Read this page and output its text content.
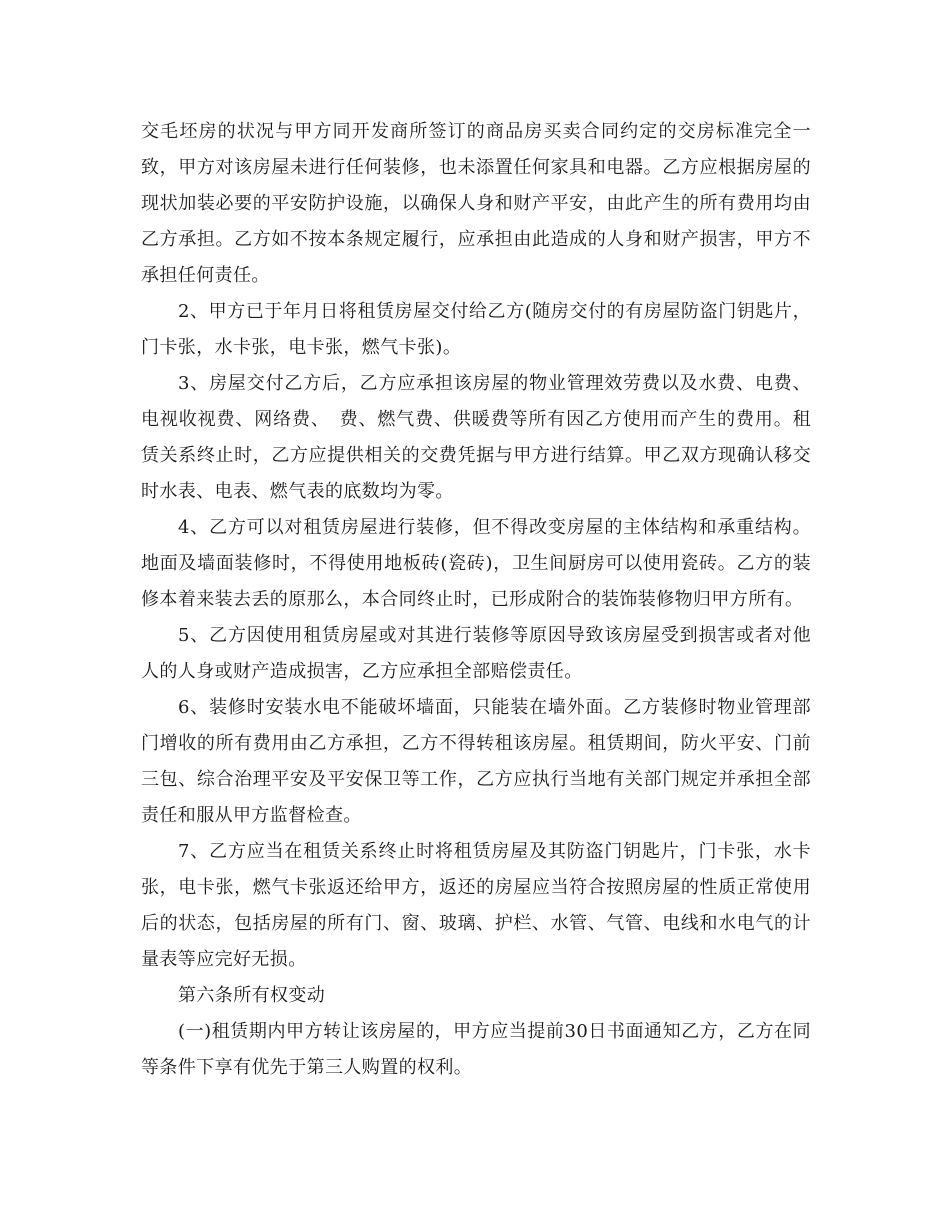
交毛坯房的状况与甲方同开发商所签订的商品房买卖合同约定的交房标准完全一致，甲方对该房屋未进行任何装修，也未添置任何家具和电器。乙方应根据房屋的现状加装必要的平安防护设施，以确保人身和财产平安，由此产生的所有费用均由乙方承担。乙方如不按本条规定履行，应承担由此造成的人身和财产损害，甲方不承担任何责任。

2、甲方已于年月日将租赁房屋交付给乙方(随房交付的有房屋防盗门钥匙片，门卡张，水卡张，电卡张，燃气卡张)。

3、房屋交付乙方后，乙方应承担该房屋的物业管理效劳费以及水费、电费、电视收视费、网络费、　费、燃气费、供暖费等所有因乙方使用而产生的费用。租赁关系终止时，乙方应提供相关的交费凭据与甲方进行结算。甲乙双方现确认移交时水表、电表、燃气表的底数均为零。

4、乙方可以对租赁房屋进行装修，但不得改变房屋的主体结构和承重结构。地面及墙面装修时，不得使用地板砖(瓷砖)，卫生间厨房可以使用瓷砖。乙方的装修本着来装去丢的原那么，本合同终止时，已形成附合的装饰装修物归甲方所有。

5、乙方因使用租赁房屋或对其进行装修等原因导致该房屋受到损害或者对他人的人身或财产造成损害，乙方应承担全部赔偿责任。

6、装修时安装水电不能破坏墙面，只能装在墙外面。乙方装修时物业管理部门增收的所有费用由乙方承担，乙方不得转租该房屋。租赁期间，防火平安、门前三包、综合治理平安及平安保卫等工作，乙方应执行当地有关部门规定并承担全部责任和服从甲方监督检查。

7、乙方应当在租赁关系终止时将租赁房屋及其防盗门钥匙片，门卡张，水卡张，电卡张，燃气卡张返还给甲方，返还的房屋应当符合按照房屋的性质正常使用后的状态，包括房屋的所有门、窗、玻璃、护栏、水管、气管、电线和水电气的计量表等应完好无损。

第六条所有权变动

(一)租赁期内甲方转让该房屋的，甲方应当提前30日书面通知乙方，乙方在同等条件下享有优先于第三人购置的权利。
